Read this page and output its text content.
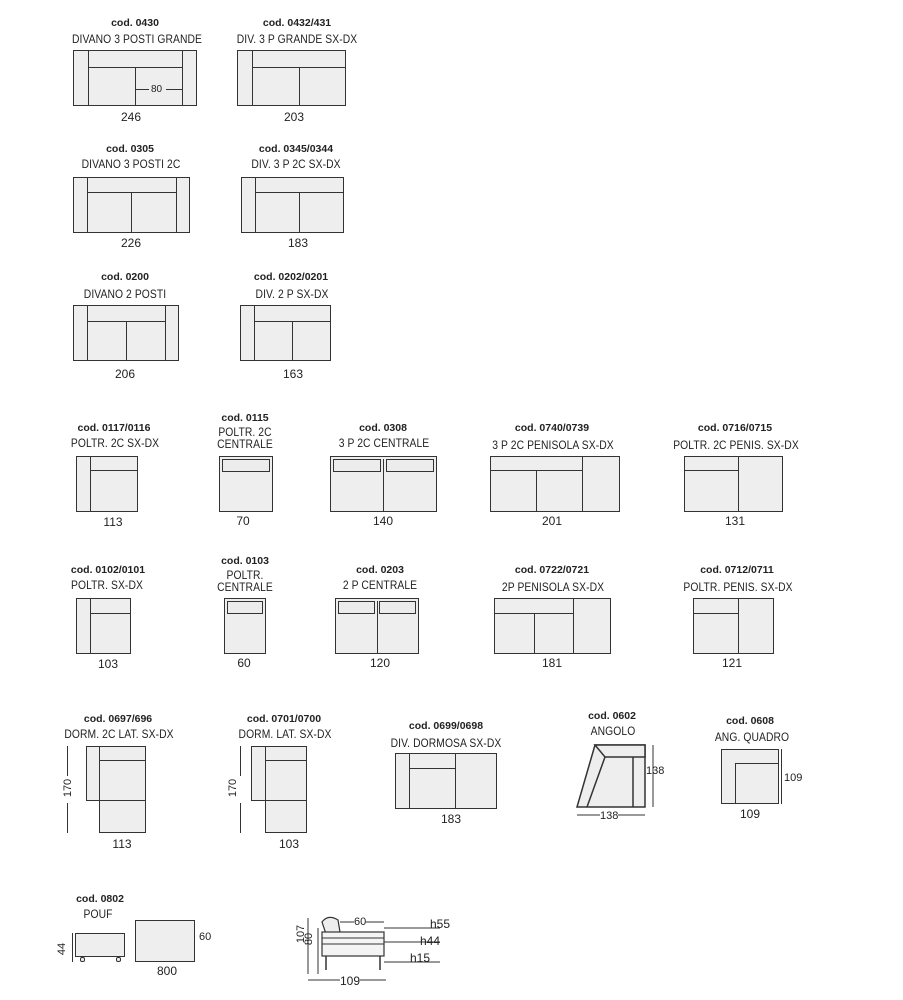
cod. 0430
DIVANO 3 POSTI GRANDE
80
246
cod. 0432/431
DIV. 3 P GRANDE SX-DX
203
cod. 0305
DIVANO 3 POSTI 2C
226
cod. 0345/0344
DIV. 3 P 2C SX-DX
183
cod. 0200
DIVANO 2 POSTI
206
cod. 0202/0201
DIV. 2 P SX-DX
163
cod. 0117/0116
POLTR. 2C SX-DX
113
cod. 0115
POLTR. 2C
CENTRALE
70
cod. 0308
3 P 2C CENTRALE
140
cod. 0740/0739
3 P 2C PENISOLA SX-DX
201
cod. 0716/0715
POLTR. 2C PENIS. SX-DX
131
cod. 0102/0101
POLTR. SX-DX
103
cod. 0103
POLTR.
CENTRALE
60
cod. 0203
2 P CENTRALE
120
cod. 0722/0721
2P PENISOLA SX-DX
181
cod. 0712/0711
POLTR. PENIS. SX-DX
121
cod. 0697/696
DORM. 2C LAT. SX-DX
170
113
cod. 0701/0700
DORM. LAT. SX-DX
170
103
cod. 0699/0698
DIV. DORMOSA SX-DX
183
cod. 0602
ANGOLO
138
138
cod. 0608
ANG. QUADRO
109
109
cod. 0802
POUF
44
60
800
107
80
60	h55
h44
h15
109
